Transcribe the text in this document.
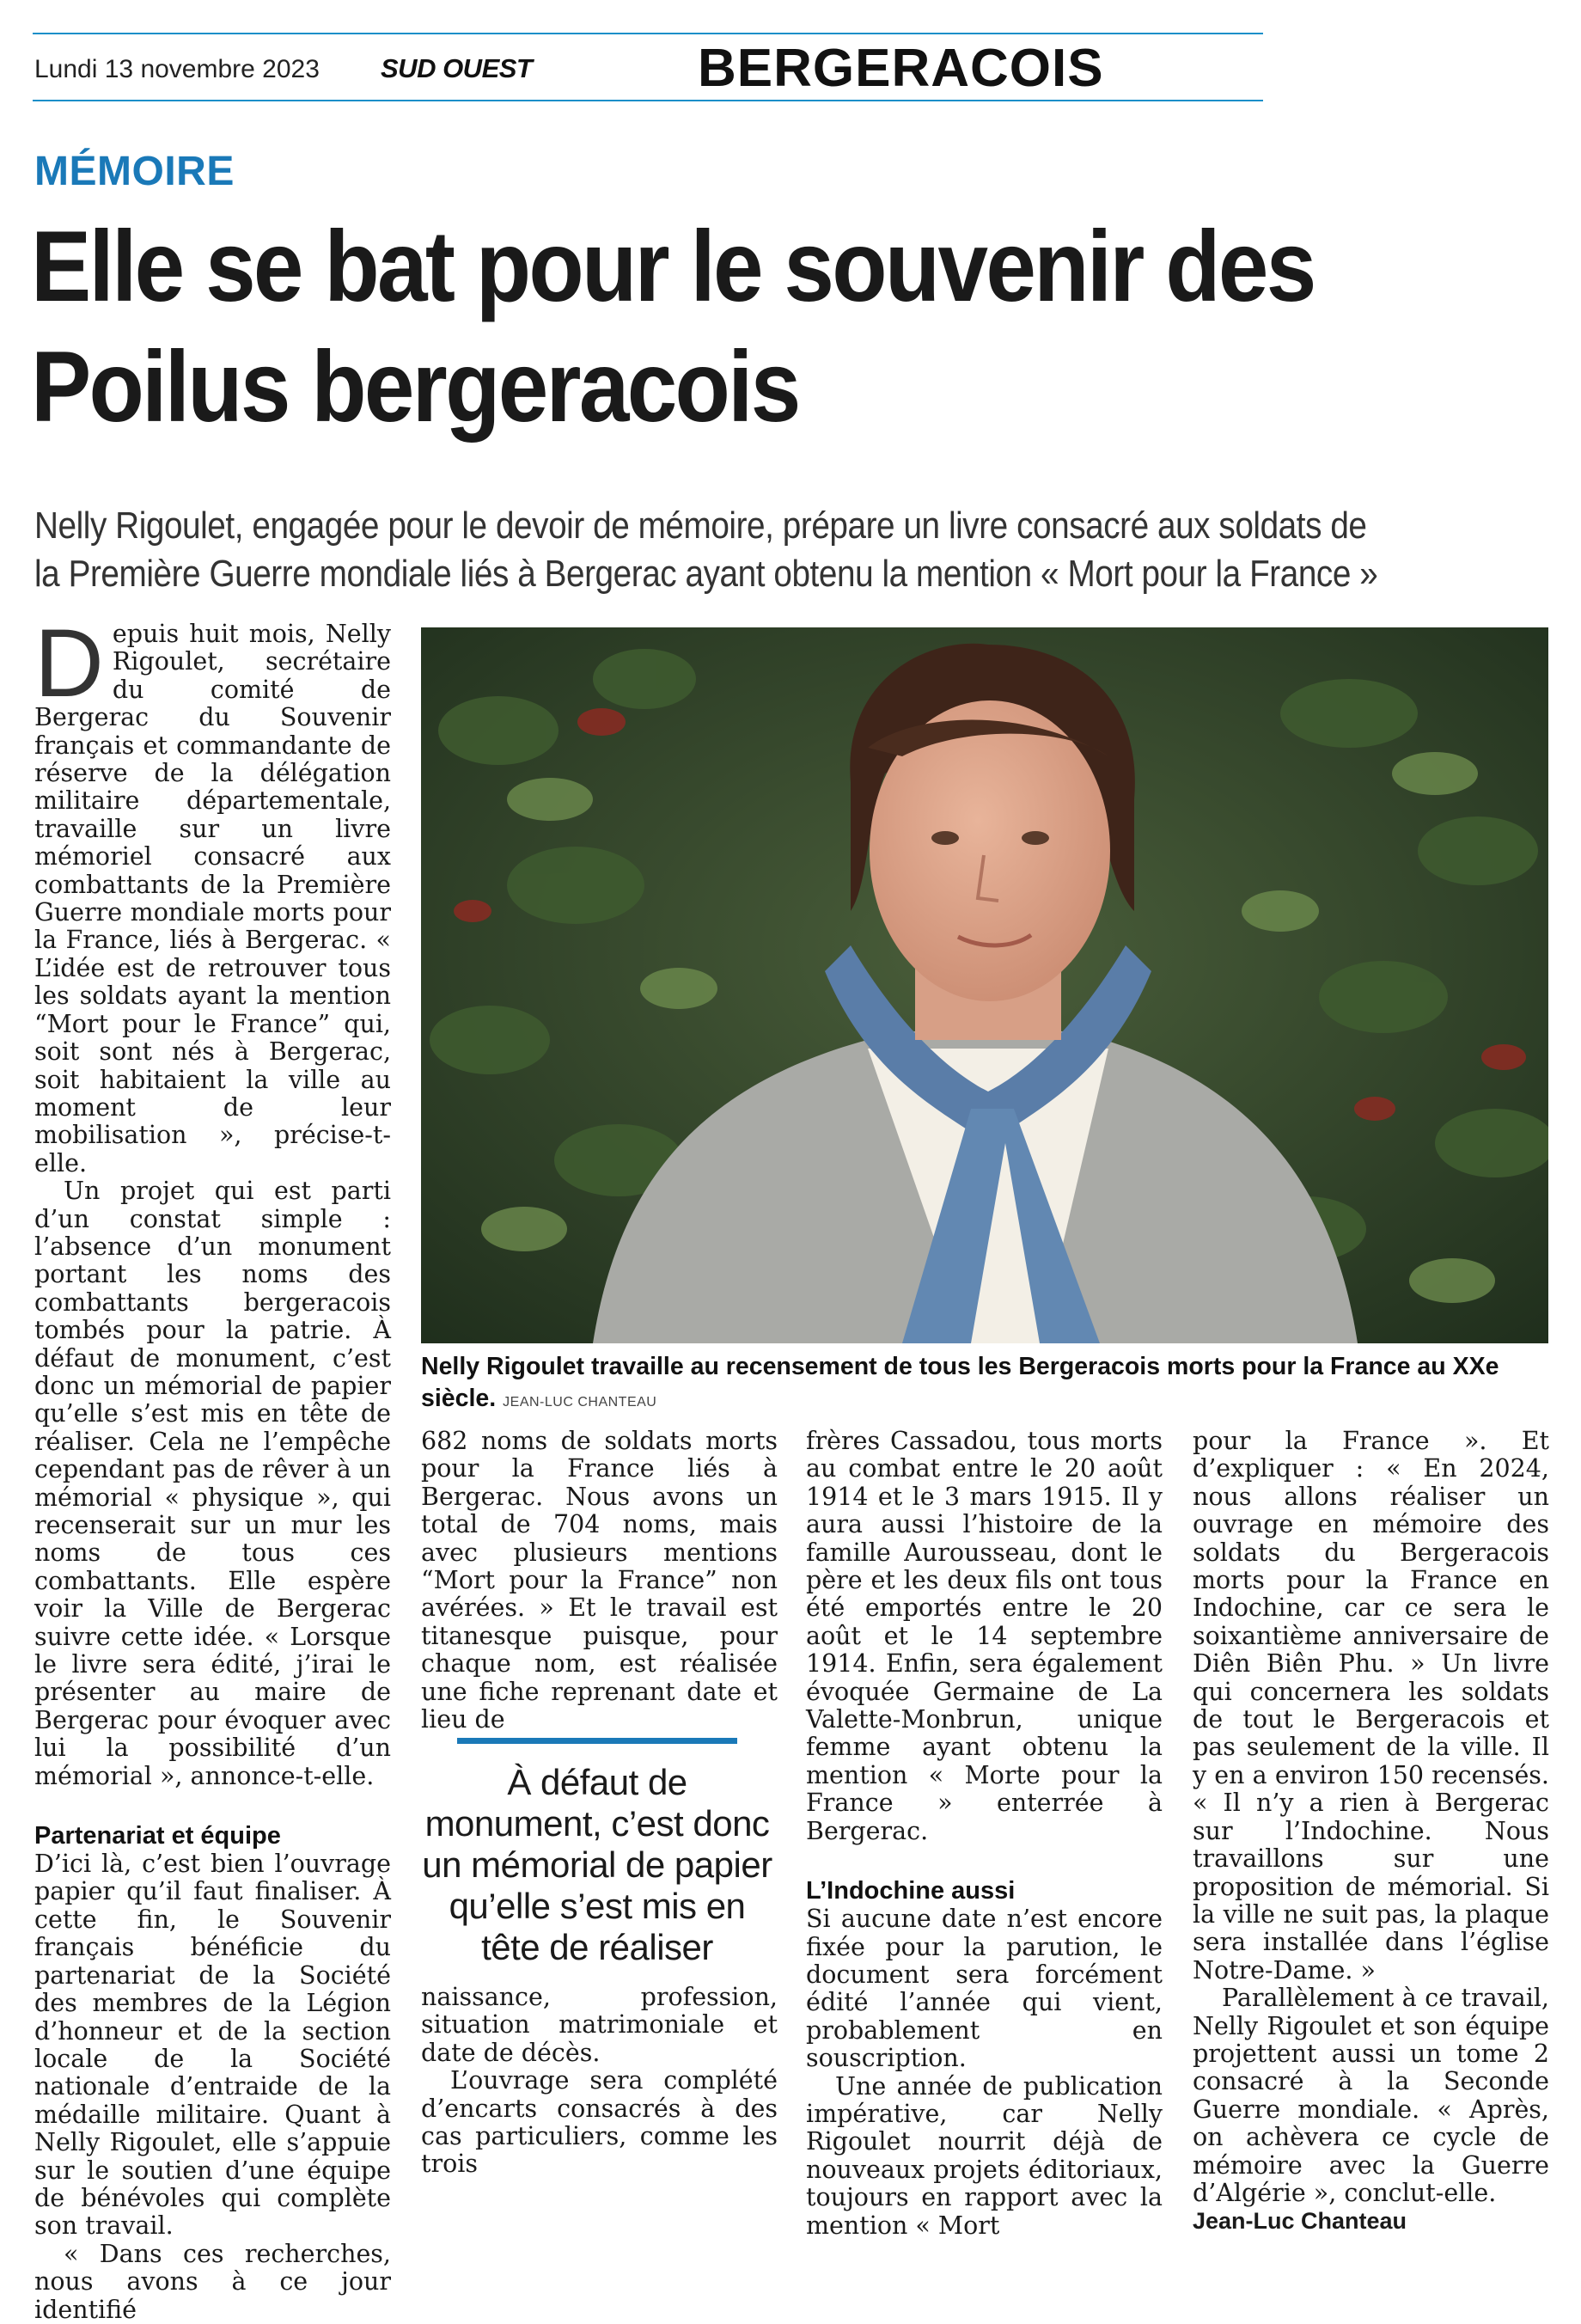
Lundi 13 novembre 2023 SUD OUEST	BERGERACOIS
MÉMOIRE
Elle se bat pour le souvenir des Poilus bergeracois
Nelly Rigoulet, engagée pour le devoir de mémoire, prépare un livre consacré aux soldats de la Première Guerre mondiale liés à Bergerac ayant obtenu la mention « Mort pour la France »

Depuis huit mois, Nelly Rigoulet, secrétaire du comité de Bergerac du Souvenir français et commandante de réserve de la délégation militaire départementale, travaille sur un livre mémoriel consacré aux combattants de la Première Guerre mondiale morts pour la France, liés à Bergerac. « L’idée est de retrouver tous les soldats ayant la mention “Mort pour le France” qui, soit sont nés à Bergerac, soit habitaient la ville au moment de leur mobilisation », précise-t-elle.

Un projet qui est parti d’un constat simple : l’absence d’un monument portant les noms des combattants bergeracois tombés pour la patrie. À défaut de monument, c’est donc un mémorial de papier qu’elle s’est mis en tête de réaliser. Cela ne l’empêche cependant pas de rêver à un mémorial « physique », qui recenserait sur un mur les noms de tous ces combattants. Elle espère voir la Ville de Bergerac suivre cette idée. « Lorsque le livre sera édité, j’irai le présenter au maire de Bergerac pour évoquer avec lui la possibilité d’un mémorial », annonce-t-elle.

Partenariat et équipe

D’ici là, c’est bien l’ouvrage papier qu’il faut finaliser. À cette fin, le Souvenir français bénéficie du partenariat de la Société des membres de la Légion d’honneur et de la section locale de la Société nationale d’entraide de la médaille militaire. Quant à Nelly Rigoulet, elle s’appuie sur le soutien d’une équipe de bénévoles qui complète son travail.

« Dans ces recherches, nous avons à ce jour identifié

Nelly Rigoulet travaille au recensement de tous les Bergeracois morts pour la France au XXe siècle. JEAN-LUC CHANTEAU

682 noms de soldats morts pour la France liés à Bergerac. Nous avons un total de 704 noms, mais avec plusieurs mentions “Mort pour la France” non avérées. » Et le travail est titanesque puisque, pour chaque nom, est réalisée une fiche reprenant date et lieu de

À défaut de monument, c’est donc un mémorial de papier qu’elle s’est mis en tête de réaliser

naissance, profession, situation matrimoniale et date de décès.

L’ouvrage sera complété d’encarts consacrés à des cas particuliers, comme les trois

frères Cassadou, tous morts au combat entre le 20 août 1914 et le 3 mars 1915. Il y aura aussi l’histoire de la famille Aurousseau, dont le père et les deux fils ont tous été emportés entre le 20 août et le 14 septembre 1914. Enfin, sera également évoquée Germaine de La Valette-Monbrun, unique femme ayant obtenu la mention « Morte pour la France » enterrée à Bergerac.

L’Indochine aussi

Si aucune date n’est encore fixée pour la parution, le document sera forcément édité l’année qui vient, probablement en souscription.

Une année de publication impérative, car Nelly Rigoulet nourrit déjà de nouveaux projets éditoriaux, toujours en rapport avec la mention « Mort

pour la France ». Et d’expliquer : « En 2024, nous allons réaliser un ouvrage en mémoire des soldats du Bergeracois morts pour la France en Indochine, car ce sera le soixantième anniversaire de Diên Biên Phu. » Un livre qui concernera les soldats de tout le Bergeracois et pas seulement de la ville. Il y en a environ 150 recensés. « Il n’y a rien à Bergerac sur l’Indochine. Nous travaillons sur une proposition de mémorial. Si la ville ne suit pas, la plaque sera installée dans l’église Notre-Dame. »

Parallèlement à ce travail, Nelly Rigoulet et son équipe projettent aussi un tome 2 consacré à la Seconde Guerre mondiale. « Après, on achèvera ce cycle de mémoire avec la Guerre d’Algérie », conclut-elle.

Jean-Luc Chanteau
